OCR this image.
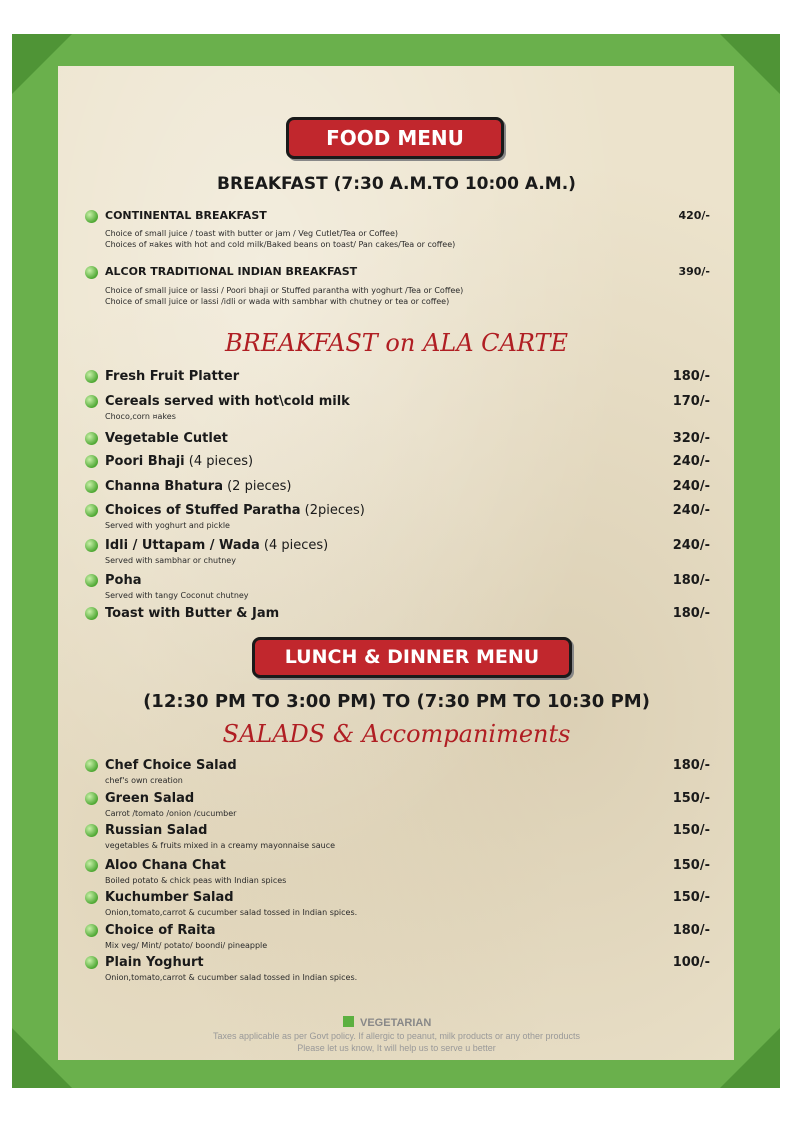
FOOD MENU
BREAKFAST (7:30 A.M.TO 10:00 A.M.)
CONTINENTAL BREAKFAST	420/-
Choice of small juice / toast with butter or jam / Veg Cutlet/Tea or Coffee)
Choices of ¤akes with hot and cold milk/Baked beans on toast/ Pan cakes/Tea or coffee)
ALCOR TRADITIONAL INDIAN BREAKFAST	390/-
Choice of small juice or lassi / Poori bhaji or Stuffed parantha with yoghurt /Tea or Coffee)
Choice of small juice or lassi /idli or wada with sambhar with chutney or tea or coffee)
BREAKFAST on ALA CARTE
Fresh Fruit Platter	180/-
Cereals served with hot\cold milk	170/-
Choco,corn ¤akes
Vegetable Cutlet	320/-
Poori Bhaji (4 pieces)	240/-
Channa Bhatura (2 pieces)	240/-
Choices of Stuffed Paratha (2pieces)	240/-
Served with yoghurt and pickle
Idli / Uttapam / Wada (4 pieces)	240/-
Served with sambhar or chutney
Poha	180/-
Served with tangy Coconut chutney
Toast with Butter & Jam	180/-
LUNCH & DINNER MENU
(12:30 PM TO 3:00 PM) TO (7:30 PM TO 10:30 PM)
SALADS & Accompaniments
Chef Choice Salad	180/-
chef's own creation
Green Salad	150/-
Carrot /tomato /onion /cucumber
Russian Salad	150/-
vegetables & fruits mixed in a creamy mayonnaise sauce
Aloo Chana Chat	150/-
Boiled potato & chick peas with Indian spices
Kuchumber Salad	150/-
Onion,tomato,carrot & cucumber salad tossed in Indian spices.
Choice of Raita	180/-
Mix veg/ Mint/ potato/ boondi/ pineapple
Plain Yoghurt	100/-
Onion,tomato,carrot & cucumber salad tossed in Indian spices.
VEGETARIAN
Taxes applicable as per Govt policy. If allergic to peanut, milk products or any other products
Please let us know, It will help us to serve u better
